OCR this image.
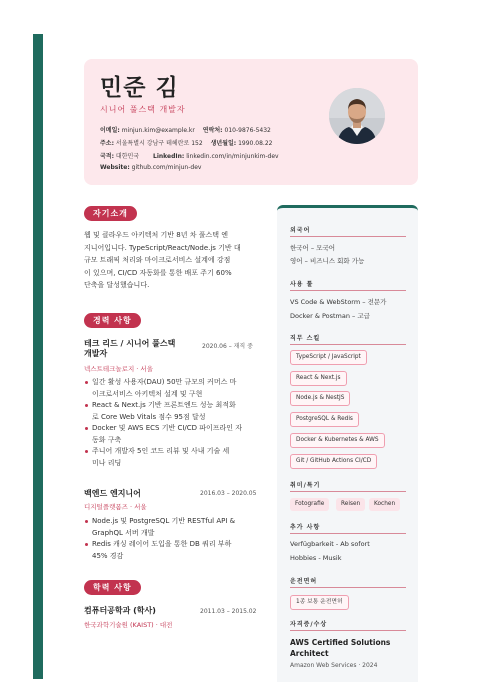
민준 김
시니어 풀스택 개발자
이메일: minjun.kim@example.kr 연락처: 010-9876-5432
주소: 서울특별시 강남구 테헤란로 152 생년월일: 1990.08.22
국적: 대한민국 LinkedIn: linkedin.com/in/minjunkim-dev
Website: github.com/minjun-dev
자기소개
웹 및 클라우드 아키텍처 기반 8년 차 풀스택 엔
지니어입니다. TypeScript/React/Node.js 기반 대
규모 트래픽 처리와 마이크로서비스 설계에 강점
이 있으며, CI/CD 자동화를 통한 배포 주기 60%
단축을 달성했습니다.
경력 사항
테크 리드 / 시니어 풀스택
개발자
2020.06 – 재직 중
넥스트테크놀로지 · 서울
일간 활성 사용자(DAU) 50만 규모의 커머스 마
이크로서비스 아키텍처 설계 및 구현
React & Next.js 기반 프론트엔드 성능 최적화
로 Core Web Vitals 점수 95점 달성
Docker 및 AWS ECS 기반 CI/CD 파이프라인 자
동화 구축
주니어 개발자 5인 코드 리뷰 및 사내 기술 세
미나 리딩
백엔드 엔지니어	2016.03 – 2020.05
디지털플랫폼즈 · 서울
Node.js 및 PostgreSQL 기반 RESTful API &
GraphQL 서버 개발
Redis 캐싱 레이어 도입을 통한 DB 쿼리 부하
45% 경감
학력 사항
컴퓨터공학과 (학사)	2011.03 – 2015.02
한국과학기술원 (KAIST) · 대전
외국어
한국어 – 모국어
영어 – 비즈니스 회화 가능
사용 툴
VS Code & WebStorm – 전문가
Docker & Postman – 고급
직무 스킬
TypeScript / JavaScript
React & Next.js
Node.js & NestJS
PostgreSQL & Redis
Docker & Kubernetes & AWS
Git / GitHub Actions CI/CD
취미/특기
Fotografie	Reisen	Kochen
추가 사항
Verfügbarkeit - Ab sofort
Hobbies - Musik
운전면허
1종 보통 운전면허
자격증/수상
AWS Certified Solutions
Architect
Amazon Web Services · 2024
